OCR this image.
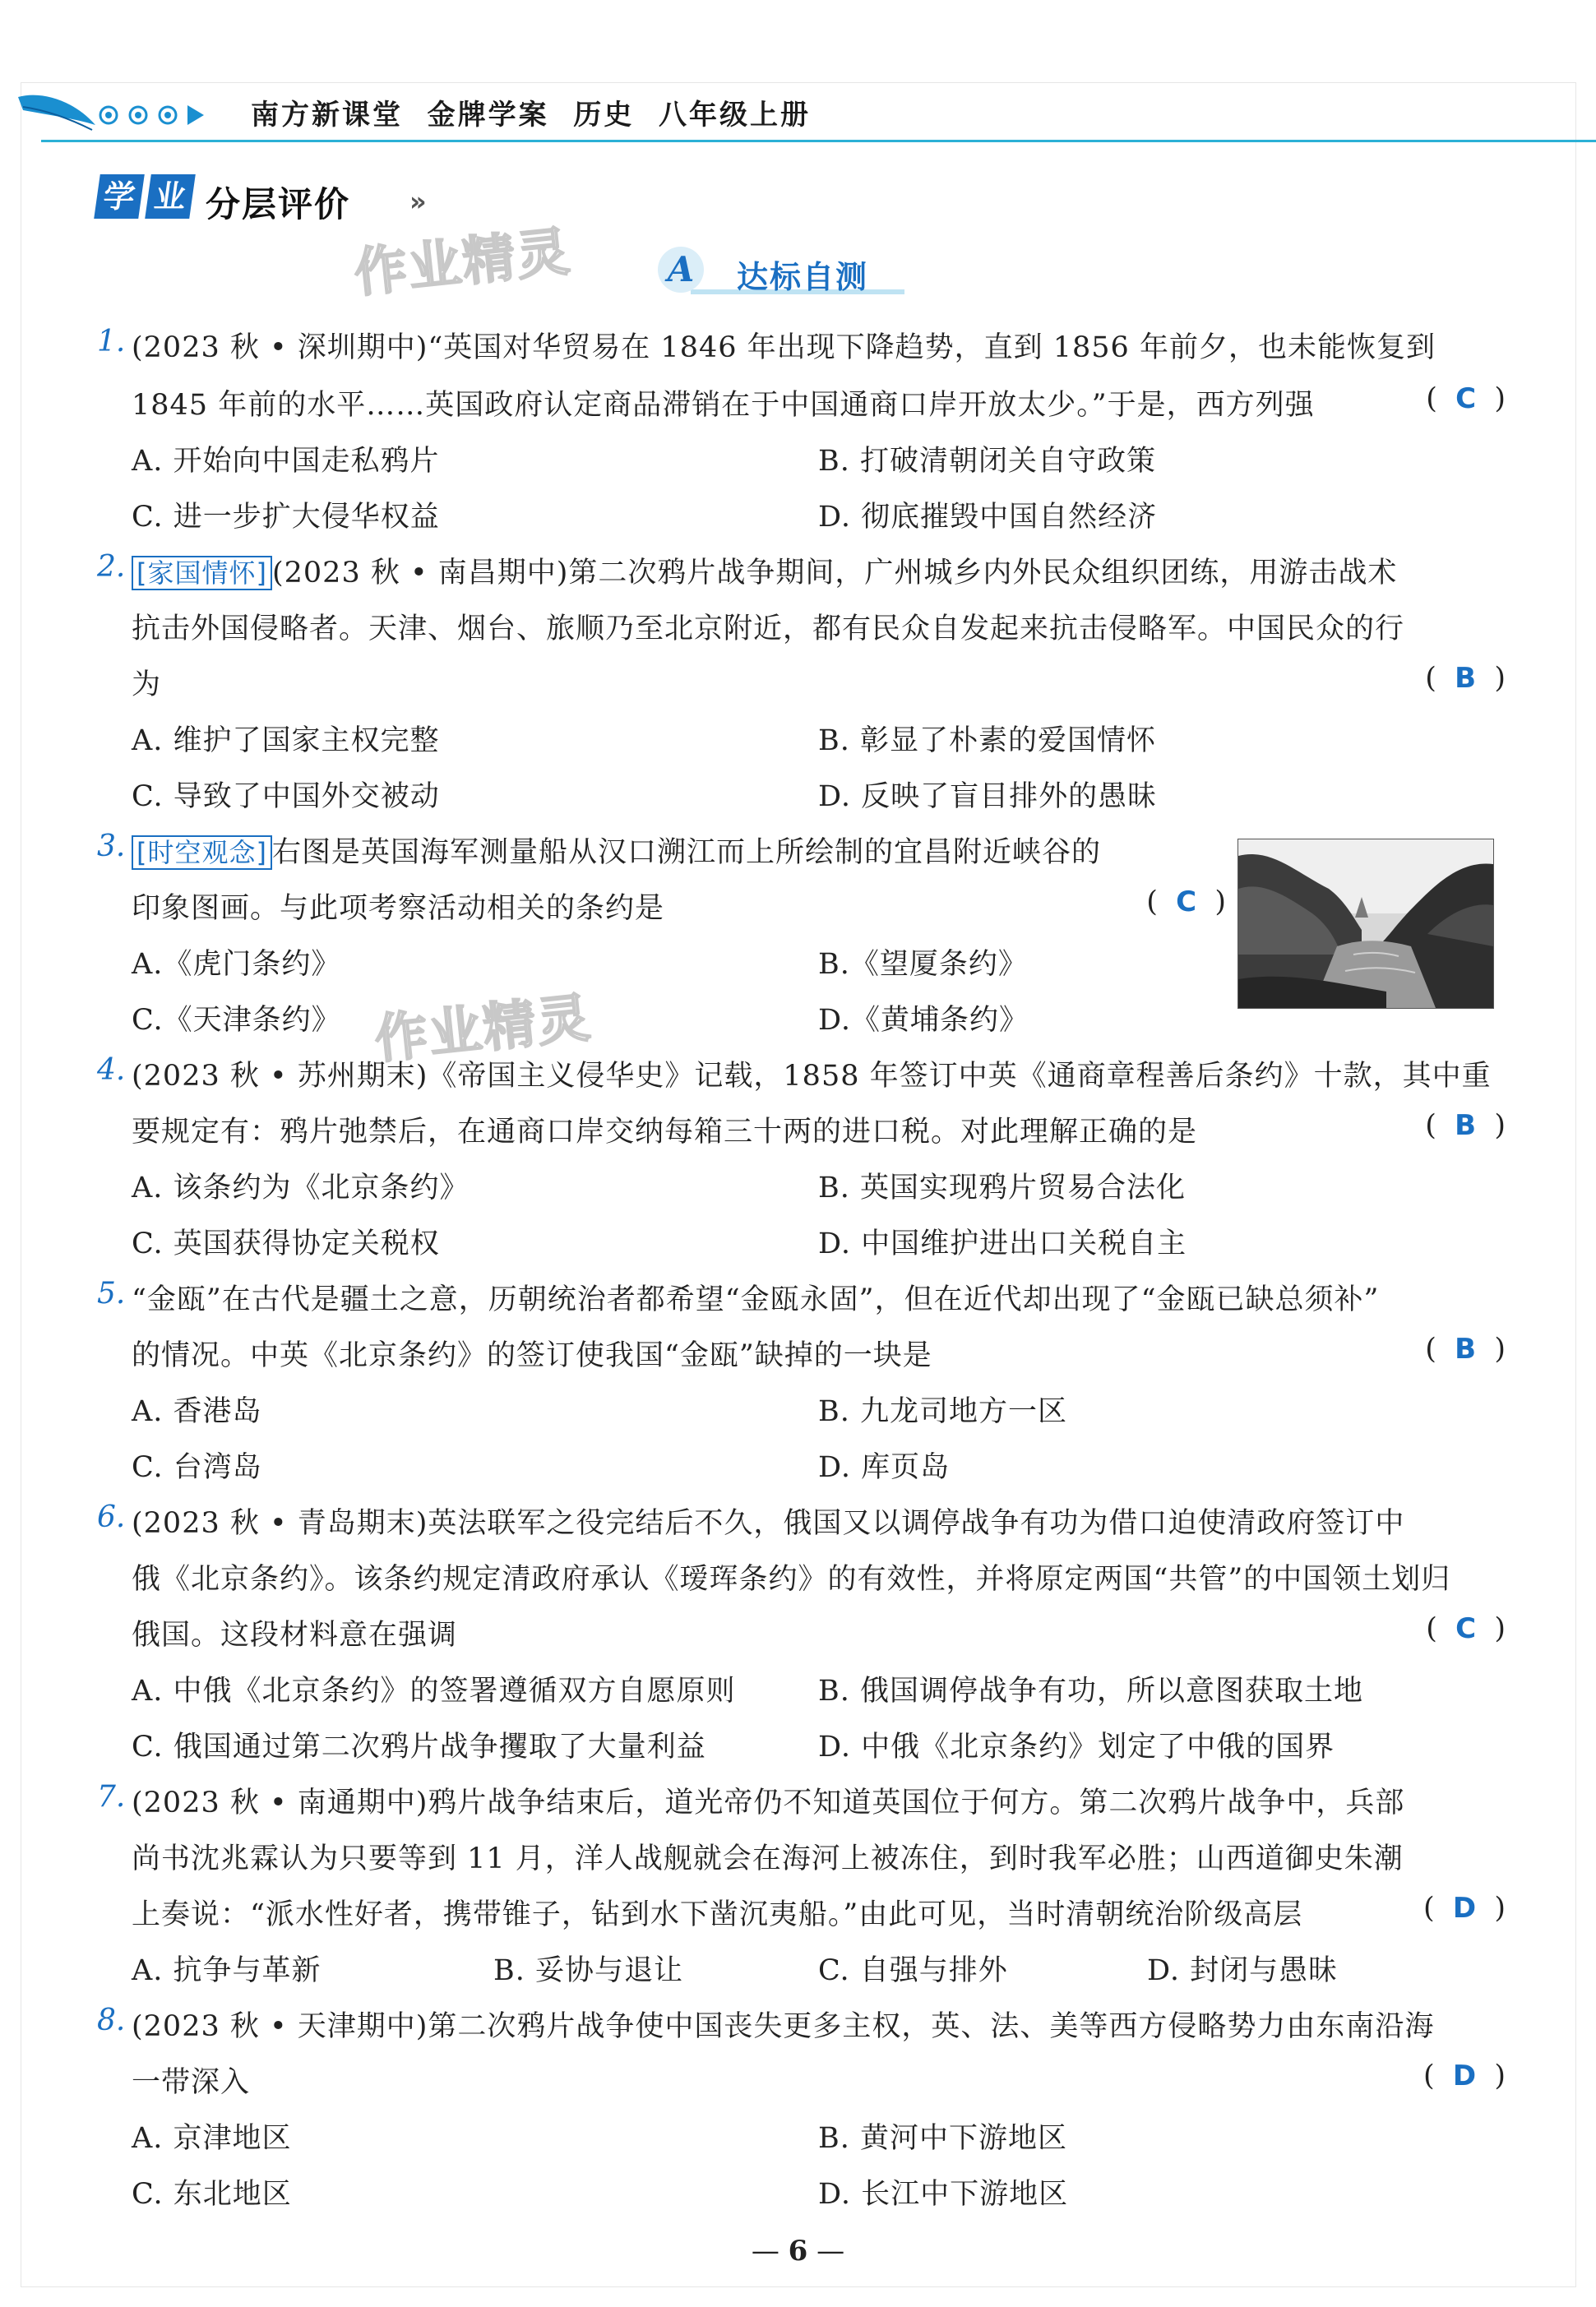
南方新课堂  金牌学案  历史  八年级上册
学 业 分层评价 »
作业精灵
作业精灵
A	达标自测
1. (2023 秋 • 深圳期中)“英国对华贸易在 1846 年出现下降趋势，直到 1856 年前夕，也未能恢复到
1845 年前的水平……英国政府认定商品滞销在于中国通商口岸开放太少。”于是，西方列强	(  C  )
A. 开始向中国走私鸦片	B. 打破清朝闭关自守政策
C. 进一步扩大侵华权益	D. 彻底摧毁中国自然经济
2. [家国情怀] (2023 秋 • 南昌期中)第二次鸦片战争期间，广州城乡内外民众组织团练，用游击战术
抗击外国侵略者。天津、烟台、旅顺乃至北京附近，都有民众自发起来抗击侵略军。中国民众的行
为	(  B  )
A. 维护了国家主权完整	B. 彰显了朴素的爱国情怀
C. 导致了中国外交被动	D. 反映了盲目排外的愚昧
3. [时空观念] 右图是英国海军测量船从汉口溯江而上所绘制的宜昌附近峡谷的
印象图画。与此项考察活动相关的条约是	(  C  )
A.《虎门条约》	B.《望厦条约》
C.《天津条约》	D.《黄埔条约》
4. (2023 秋 • 苏州期末)《帝国主义侵华史》记载，1858 年签订中英《通商章程善后条约》十款，其中重
要规定有：鸦片弛禁后，在通商口岸交纳每箱三十两的进口税。对此理解正确的是	(  B  )
A. 该条约为《北京条约》	B. 英国实现鸦片贸易合法化
C. 英国获得协定关税权	D. 中国维护进出口关税自主
5. “金瓯”在古代是疆土之意，历朝统治者都希望“金瓯永固”，但在近代却出现了“金瓯已缺总须补”
的情况。中英《北京条约》的签订使我国“金瓯”缺掉的一块是	(  B  )
A. 香港岛	B. 九龙司地方一区
C. 台湾岛	D. 库页岛
6. (2023 秋 • 青岛期末)英法联军之役完结后不久，俄国又以调停战争有功为借口迫使清政府签订中
俄《北京条约》。该条约规定清政府承认《瑷珲条约》的有效性，并将原定两国“共管”的中国领土划归
俄国。这段材料意在强调	(  C  )
A. 中俄《北京条约》的签署遵循双方自愿原则	B. 俄国调停战争有功，所以意图获取土地
C. 俄国通过第二次鸦片战争攫取了大量利益	D. 中俄《北京条约》划定了中俄的国界
7. (2023 秋 • 南通期中)鸦片战争结束后，道光帝仍不知道英国位于何方。第二次鸦片战争中，兵部
尚书沈兆霖认为只要等到 11 月，洋人战舰就会在海河上被冻住，到时我军必胜；山西道御史朱潮
上奏说：“派水性好者，携带锥子，钻到水下凿沉夷船。”由此可见，当时清朝统治阶级高层	(  D  )
A. 抗争与革新	B. 妥协与退让	C. 自强与排外	D. 封闭与愚昧
8. (2023 秋 • 天津期中)第二次鸦片战争使中国丧失更多主权，英、法、美等西方侵略势力由东南沿海
一带深入	(  D  )
A. 京津地区	B. 黄河中下游地区
C. 东北地区	D. 长江中下游地区
— 6 —
